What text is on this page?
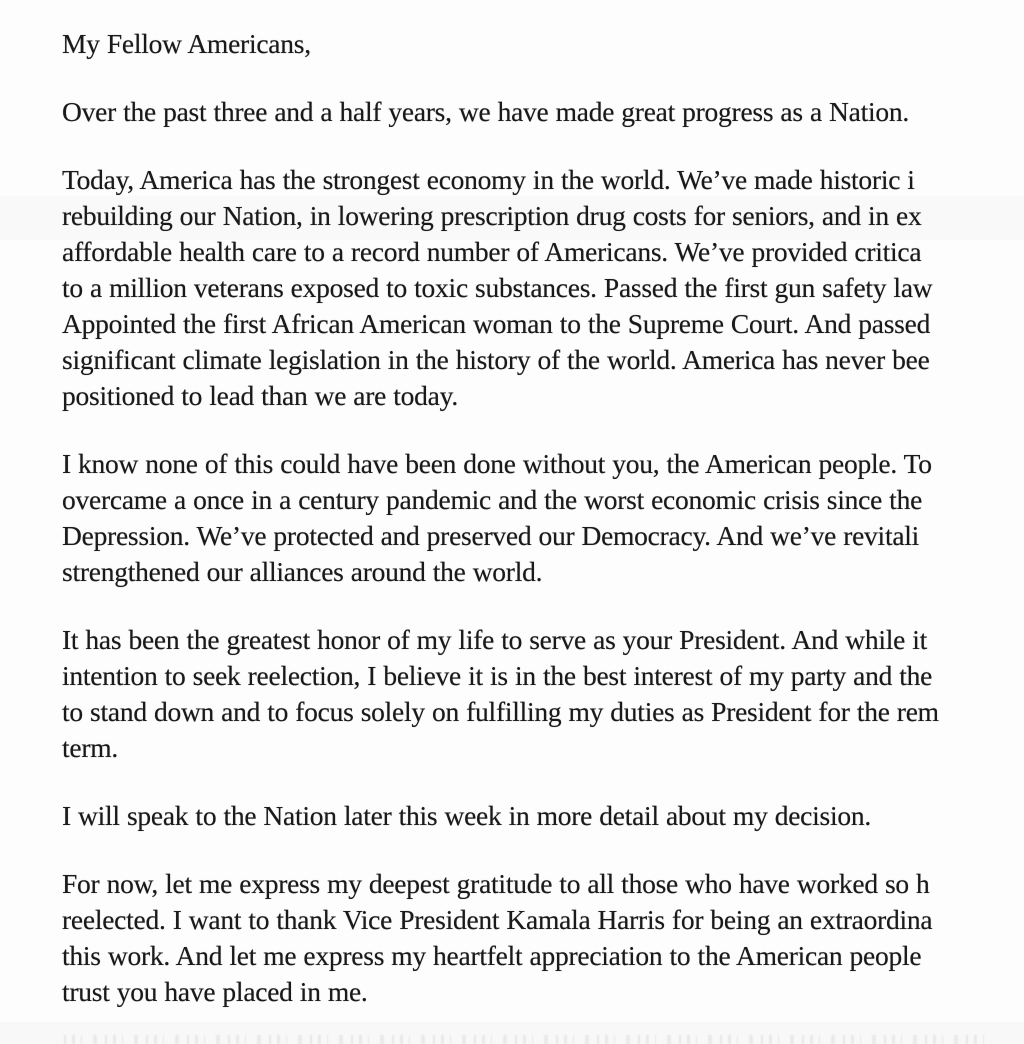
My Fellow Americans,
Over the past three and a half years, we have made great progress as a Nation.
Today, America has the strongest economy in the world. We’ve made historic i
rebuilding our Nation, in lowering prescription drug costs for seniors, and in ex
affordable health care to a record number of Americans. We’ve provided critica
to a million veterans exposed to toxic substances. Passed the first gun safety law
Appointed the first African American woman to the Supreme Court. And passed
significant climate legislation in the history of the world. America has never bee
positioned to lead than we are today.
I know none of this could have been done without you, the American people. To
overcame a once in a century pandemic and the worst economic crisis since the
Depression. We’ve protected and preserved our Democracy. And we’ve revitali
strengthened our alliances around the world.
It has been the greatest honor of my life to serve as your President. And while it
intention to seek reelection, I believe it is in the best interest of my party and the
to stand down and to focus solely on fulfilling my duties as President for the rem
term.
I will speak to the Nation later this week in more detail about my decision.
For now, let me express my deepest gratitude to all those who have worked so h
reelected. I want to thank Vice President Kamala Harris for being an extraordina
this work. And let me express my heartfelt appreciation to the American people
trust you have placed in me.
